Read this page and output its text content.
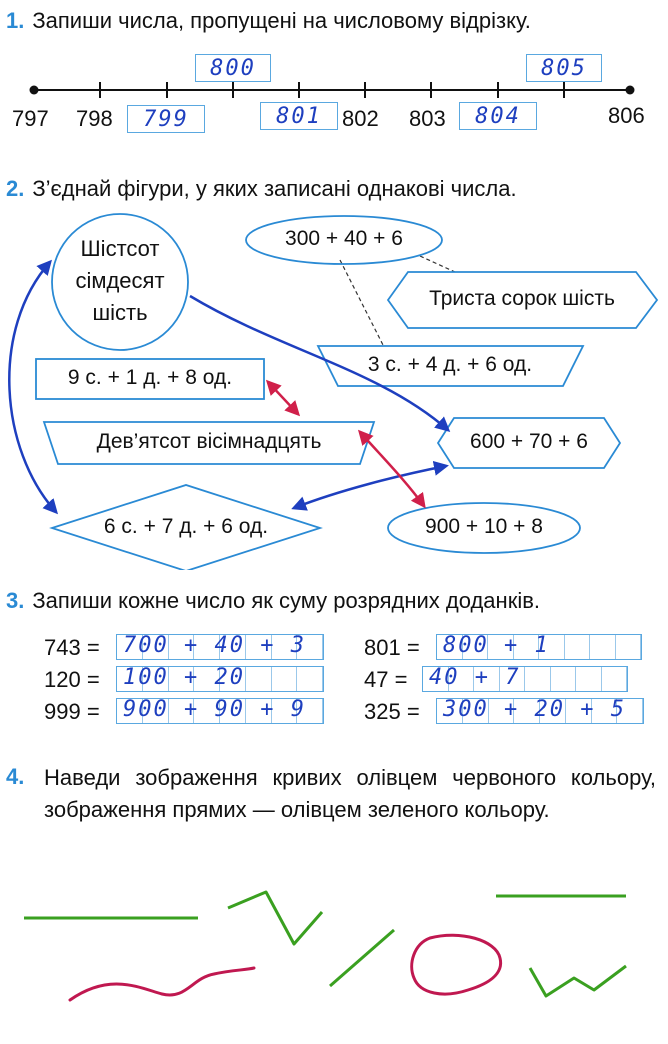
1. Запиши числа, пропущені на числовому відрізку.
797 798	802 803	806
800	805
799	801	804
2. З’єднай фігури, у яких записані однакові числа.
Шістсот
сімдесят
шість
300 + 40 + 6
Триста сорок шість
3 с. + 4 д. + 6 од.
9 с. + 1 д. + 8 од.
Дев’ятсот вісімнадцять	600 + 70 + 6
6 с. + 7 д. + 6 од.	900 + 10 + 8
3. Запиши кожне число як суму розрядних доданків.
743 = 700 + 40 + 3
120 = 100 + 20
999 = 900 + 90 + 9
801 = 800 + 1
47 = 40 + 7
325 = 300 + 20 + 5
4. Наведи зображення кривих олівцем червоного кольору, зображення прямих — олівцем зеленого кольору.
